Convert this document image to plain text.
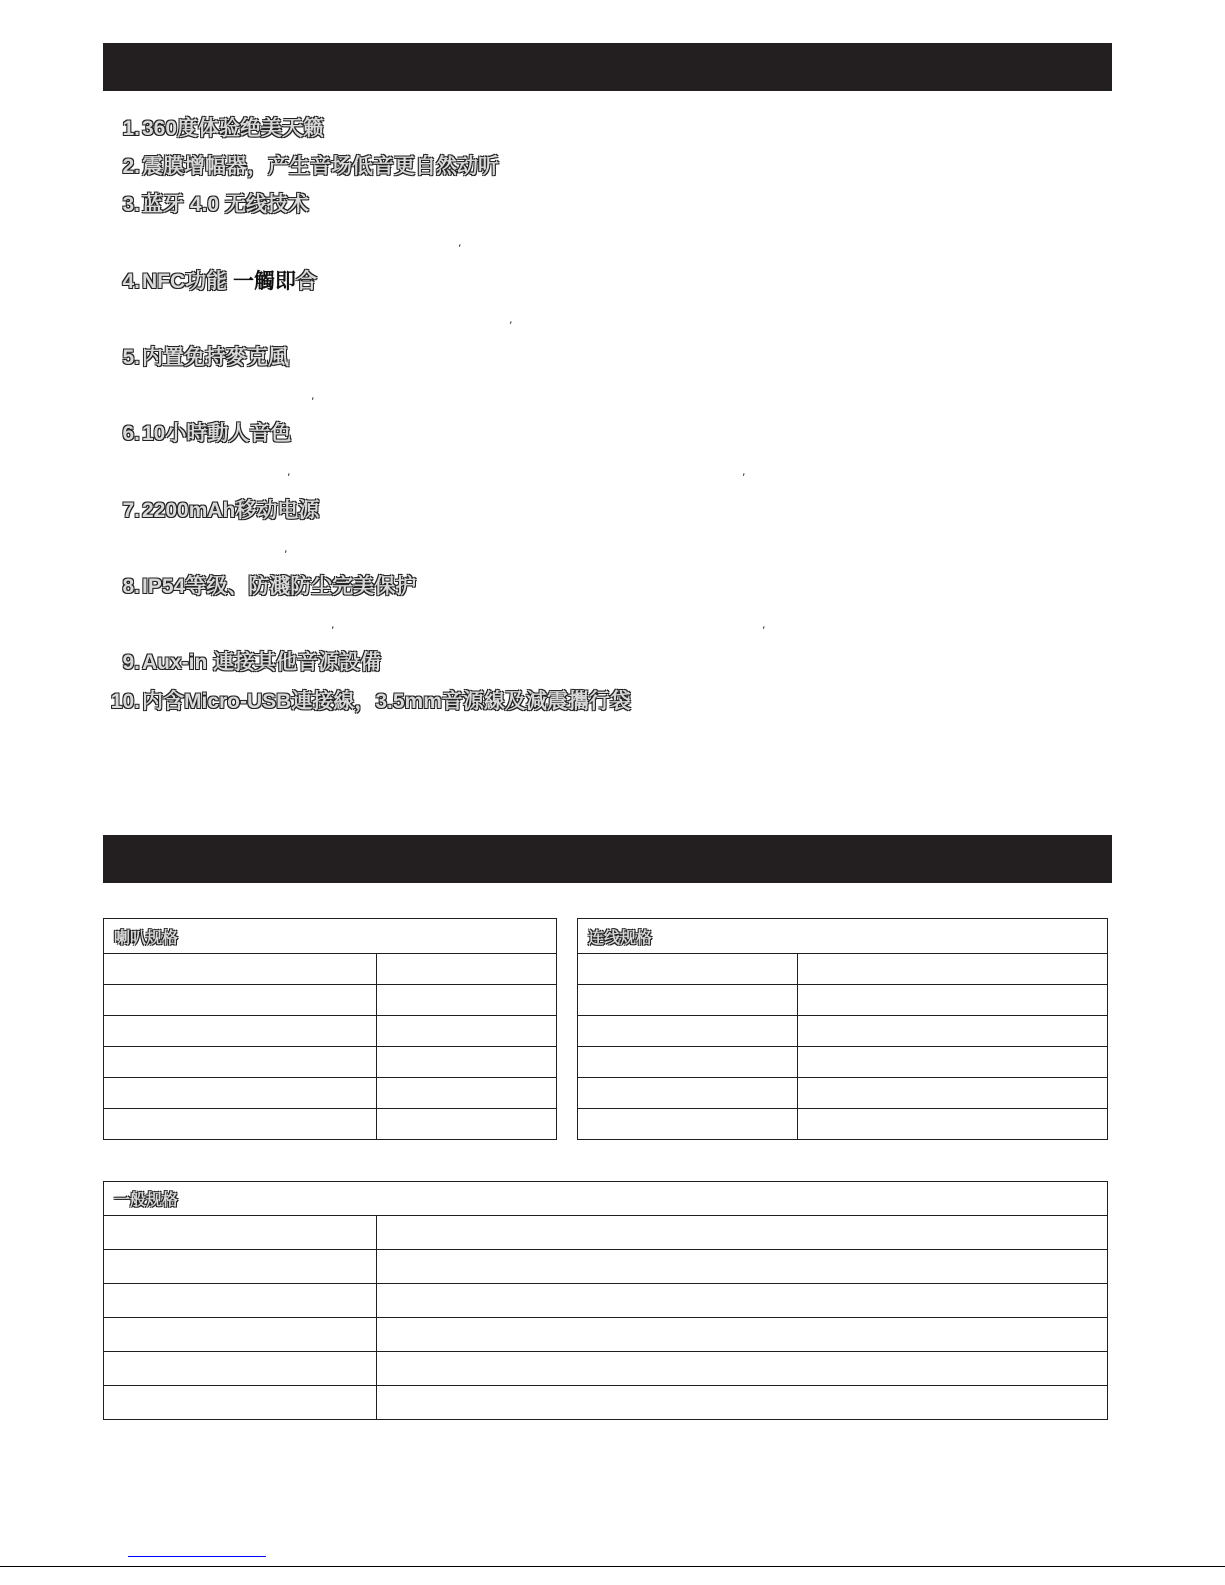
1.360度体验绝美天籁
2.震膜增幅器，产生音场低音更自然动听
3.蓝牙 4.0 无线技术
4.NFC功能 一觸即合
5.内置免持麥克風
6.10小時動人音色
7.2200mAh移动电源
8.IP54等级、防濺防尘完美保护
9.Aux-in 連接其他音源設備
10.内含Micro-USB連接線，3.5mm音源線及減震攜行袋
,
,
,
,	,
,
,	,
喇叭规格	

		连线规格	

一般规格	
